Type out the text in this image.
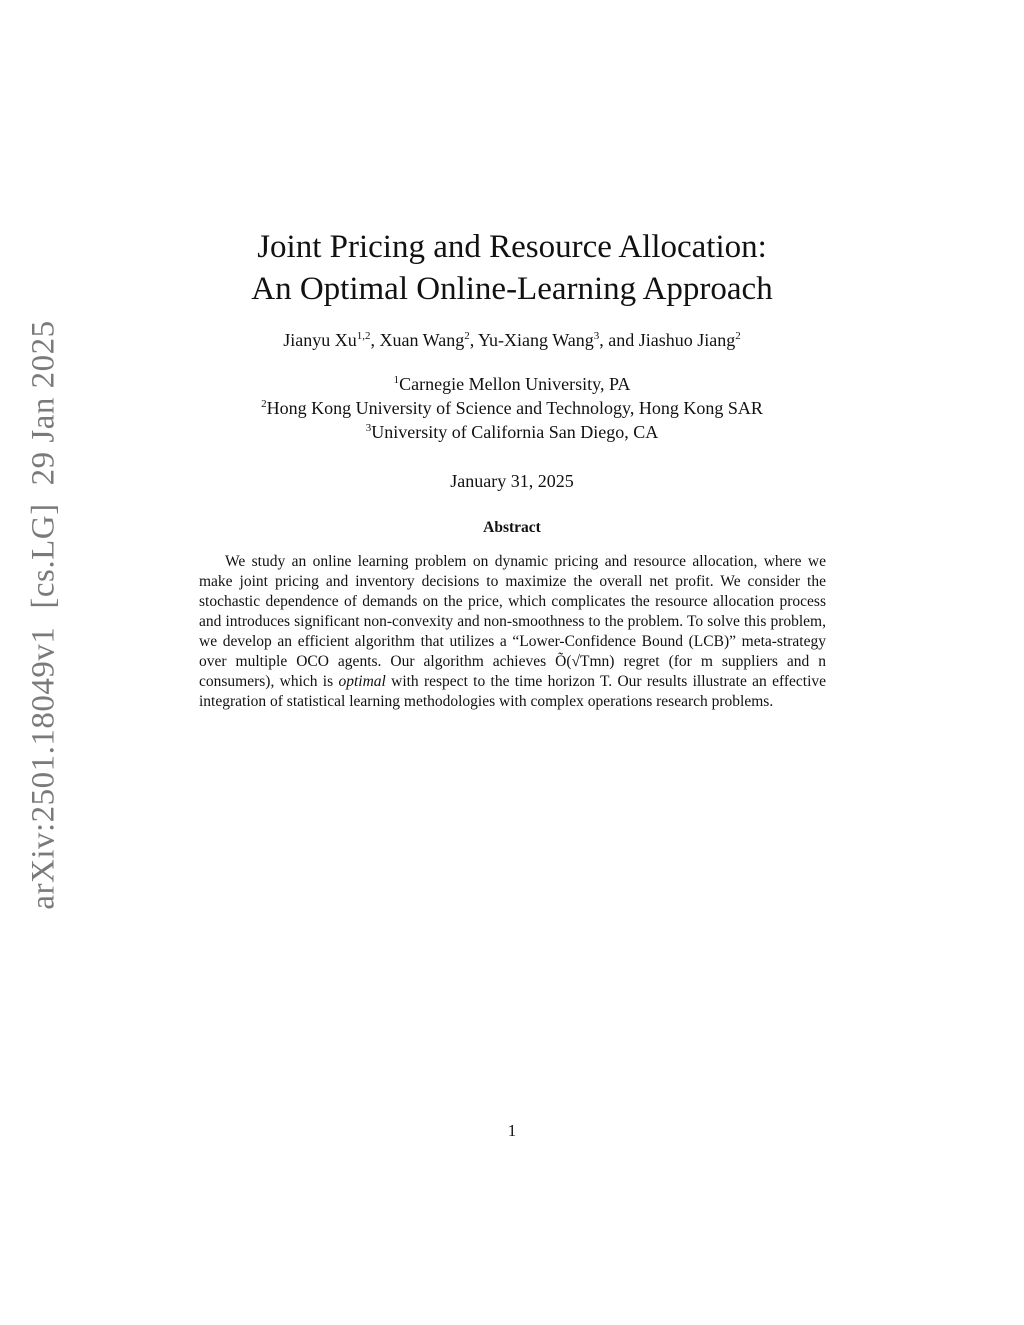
arXiv:2501.18049v1[cs.LG]29 Jan 2025
Joint Pricing and Resource Allocation:
An Optimal Online-Learning Approach
Jianyu Xu$^{1,2}$, Xuan Wang$^2$, Yu-Xiang Wang$^3$, and Jiashuo Jiang$^2$
$^1$Carnegie Mellon University, PA
$^2$Hong Kong University of Science and Technology, Hong Kong SAR
$^3$University of California San Diego, CA
January 31, 2025
Abstract
We study an online learning problem on dynamic pricing and resource allocation, where we make joint pricing and inventory decisions to maximize the overall net profit. We consider the stochastic dependence of demands on the price, which complicates the resource allocation process and introduces significant non-convexity and non-smoothness to the problem. To solve this problem, we develop an efficient algorithm that utilizes a “Lower-Confidence Bound (LCB)” meta-strategy over multiple OCO agents. Our algorithm achieves Õ(√Tmn) regret (for m suppliers and n consumers), which is optimal with respect to the time horizon T. Our results illustrate an effective integration of statistical learning methodologies with complex operations research problems.
1
